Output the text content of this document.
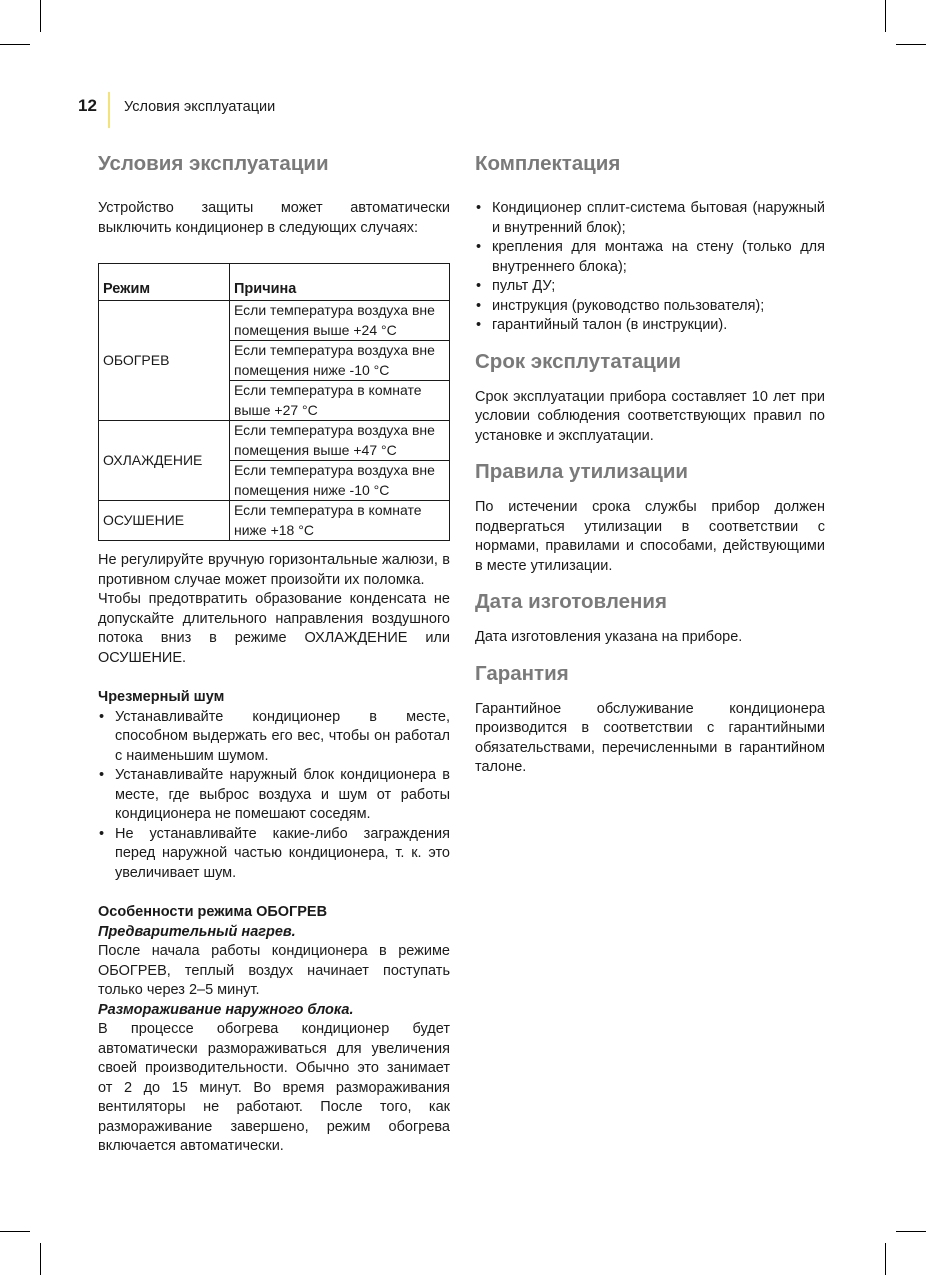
12 Условия эксплуатации
Условия эксплуатации

Устройство защиты может автоматически выключить кондиционер в следующих случаях:

Режим	Причина
ОБОГРЕВ	Если температура воздуха вне помещения выше +24 °C
	Если температура воздуха вне помещения ниже -10 °C
	Если температура в комнате выше +27 °C
ОХЛАЖДЕНИЕ	Если температура воздуха вне помещения выше +47 °C
	Если температура воздуха вне помещения ниже -10 °C
ОСУШЕНИЕ	Если температура в комнате ниже +18 °C

Не регулируйте вручную горизонтальные жалюзи, в противном случае может произойти их поломка.

Чтобы предотвратить образование конденсата не допускайте длительного направления воздушного потока вниз в режиме ОХЛАЖДЕНИЕ или ОСУШЕНИЕ.

Чрезмерный шум
• Устанавливайте кондиционер в месте, способном выдержать его вес, чтобы он работал с наименьшим шумом.
• Устанавливайте наружный блок кондиционера в месте, где выброс воздуха и шум от работы кондиционера не помешают соседям.
• Не устанавливайте какие-либо заграждения перед наружной частью кондиционера, т. к. это увеличивает шум.
Особенности режима ОБОГРЕВ
Предварительный нагрев.

После начала работы кондиционера в режиме ОБОГРЕВ, теплый воздух начинает поступать только через 2–5 минут.

Размораживание наружного блока.

В процессе обогрева кондиционер будет автоматически размораживаться для увеличения своей производительности. Обычно это занимает от 2 до 15 минут. Во время размораживания вентиляторы не работают. После того, как размораживание завершено, режим обогрева включается автоматически.

Комплектация
• Кондиционер сплит-система бытовая (наружный и внутренний блок);
• крепления для монтажа на стену (только для внутреннего блока);
• пульт ДУ;
• инструкция (руководство пользователя);
• гарантийный талон (в инструкции).
Срок эксплутатации

Срок эксплуатации прибора составляет 10 лет при условии соблюдения соответствующих правил по установке и эксплуатации.

Правила утилизации

По истечении срока службы прибор должен подвергаться утилизации в соответствии с нормами, правилами и способами, действующими в месте утилизации.

Дата изготовления

Дата изготовления указана на приборе.

Гарантия

Гарантийное обслуживание кондиционера производится в соответствии с гарантийными обязательствами, перечисленными в гарантийном талоне.
